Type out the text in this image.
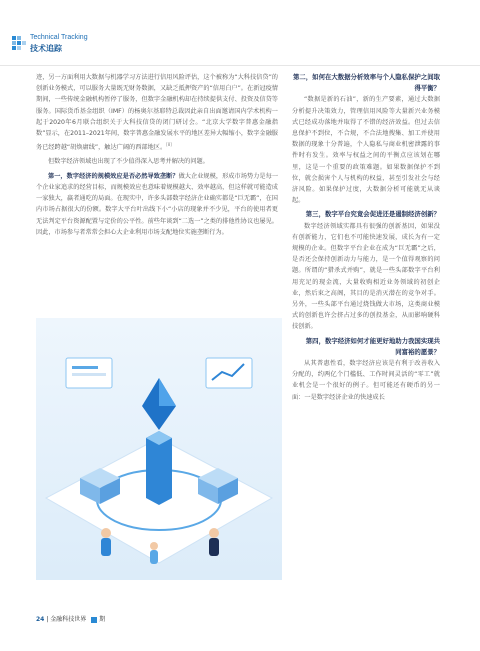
Technical Tracking
技术追踪

迹，另一方面利用大数据与机器学习方法进行信用风险评估，这个被称为“大科技信贷”的创新业务模式，可以服务大量既无财务数据，又缺乏抵押资产的“信用白户”。在新冠疫情期间，一些传统金融机构暂停了服务，但数字金融机构却在持续提供支付、投资及信贷等服务。国际货币基金组织（IMF）的杨奥尔基耶特总裁因此亲自出面邀请国内学术机构一起于2020年6月联合组织关于大科技信贷的闭门研讨会。“北京大学数字普惠金融指数”显示，在2011–2021年间，数字普惠金融发展水平的地区差异大幅缩小，数字金融服务已经跨越“胡焕庸线”，触达广阔的西部地区。[8]

但数字经济领域也出现了不少值得深入思考并解决的问题。

第一，数字经济的规模效应是否必然导致垄断？做大企业规模，形成市场势力是每一个企业家追求的经营目标，而规模效应也意味着规模越大、效率越高，但这样就可能造成一家独大，赢者通吃的局面。在现实中，许多头部数字经济企业确实都是“巨无霸”，在国内市场占据很大的份额。数字大平台叶出线下小“小店的现象并不少见，平台的使用者更无法判定平台资源配置与定价的公平性。前些年谈到“二选一”之类的排他性协议也屡见。因此，市场参与者常常会担心大企业利用市场支配地位实施垄断行为。

第二，如何在大数据分析效率与个人隐私保护之间取得平衡？

“数据是新的石油”，新的生产要素，通过大数据分析提升决策效力，管理信用风险等大量新兴业务模式已经成功落地并取得了不错的经济效益。但过去信息保护不到位，不合规，不合法地搜集、加工并使用数据的现象十分普遍，个人隐私与商业机密泄露的事件时有发生。效率与权益之间的平衡点应该划在哪里，这是一个重要的政策难题。如果数据保护不到位，就会损害个人与机构的权益，甚至引发社会与经济风险。如果保护过度，大数据分析可能就无从谈起。

第三，数字平台究竟会促进还是遏制经济创新？

数字经济领域实都具有很强的创新基因，如果没有创新能力，它们也不可能快速发展，成长为有一定规模的企业。但数字平台企业在成为“巨无霸”之后，是否还会保持创新动力与能力，是一个值得观察的问题。所谓的“猎杀式并购”，就是一些头部数字平台利用充足的现金流，大量收购相近业务领域的初创企业，然后束之高阁，其目的是消灭潜在的竞争对手。另外，一些头部平台通过烧钱做大市场，这类商业模式的创新也许会挤占过多的创投基金，从而影响硬科技创新。

第四，数字经济如何才能更好地助力我国实现共同富裕的愿景？

从其普惠性看，数字经济应该是有利于改善收入分配的，约两亿个门槛低、工作时间灵活的“零工”就业机会是一个很好的例子。但可能还有硬币的另一面：一是数字经济企业的快速成长

24 | 金融科技世界 期
